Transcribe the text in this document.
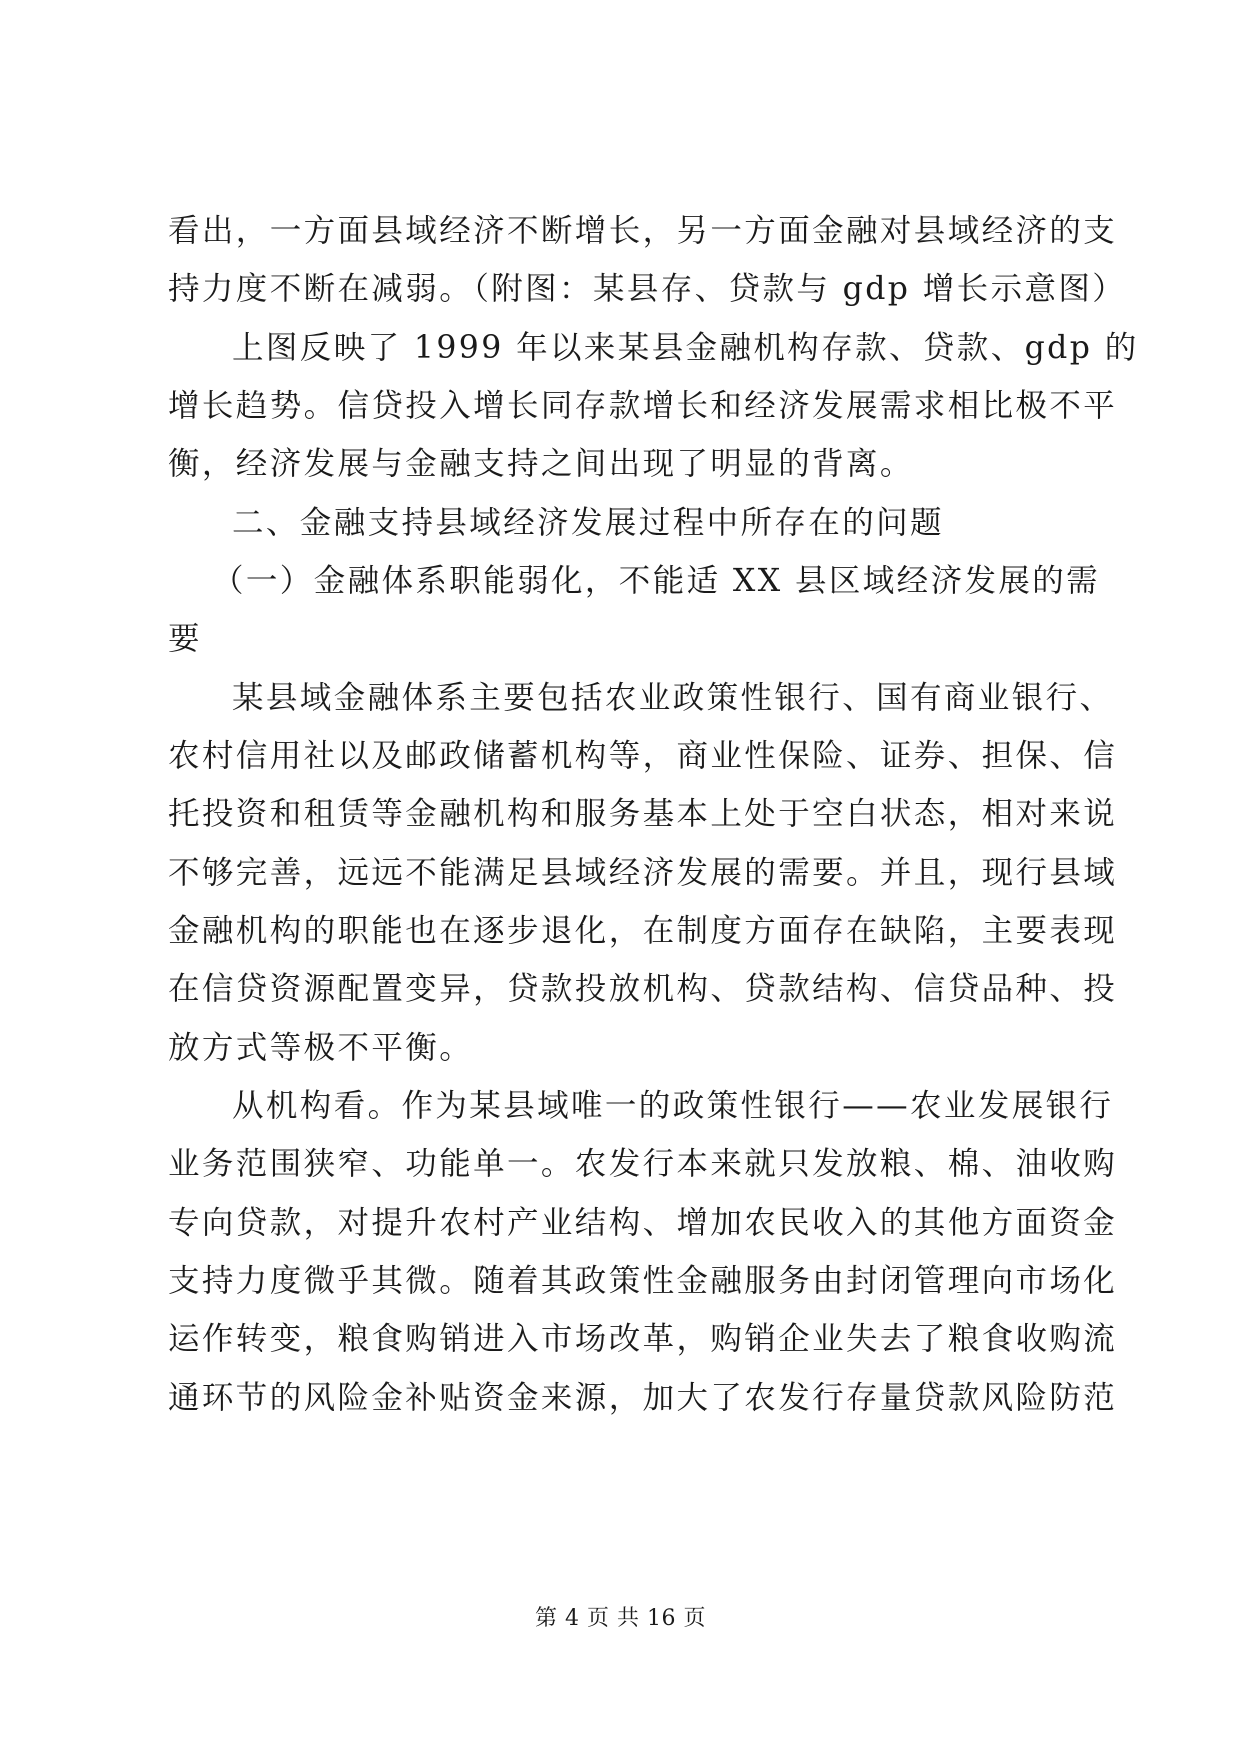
看出，一方面县域经济不断增长，另一方面金融对县域经济的支
持力度不断在减弱。（附图：某县存、贷款与 gdp 增长示意图）
上图反映了 1999 年以来某县金融机构存款、贷款、gdp 的
增长趋势。信贷投入增长同存款增长和经济发展需求相比极不平
衡，经济发展与金融支持之间出现了明显的背离。
二、金融支持县域经济发展过程中所存在的问题
（一）金融体系职能弱化，不能适 XX 县区域经济发展的需
要
某县域金融体系主要包括农业政策性银行、国有商业银行、
农村信用社以及邮政储蓄机构等，商业性保险、证券、担保、信
托投资和租赁等金融机构和服务基本上处于空白状态，相对来说
不够完善，远远不能满足县域经济发展的需要。并且，现行县域
金融机构的职能也在逐步退化，在制度方面存在缺陷，主要表现
在信贷资源配置变异，贷款投放机构、贷款结构、信贷品种、投
放方式等极不平衡。
从机构看。作为某县域唯一的政策性银行——农业发展银行
业务范围狭窄、功能单一。农发行本来就只发放粮、棉、油收购
专向贷款，对提升农村产业结构、增加农民收入的其他方面资金
支持力度微乎其微。随着其政策性金融服务由封闭管理向市场化
运作转变，粮食购销进入市场改革，购销企业失去了粮食收购流
通环节的风险金补贴资金来源，加大了农发行存量贷款风险防范
第 4 页 共 16 页
